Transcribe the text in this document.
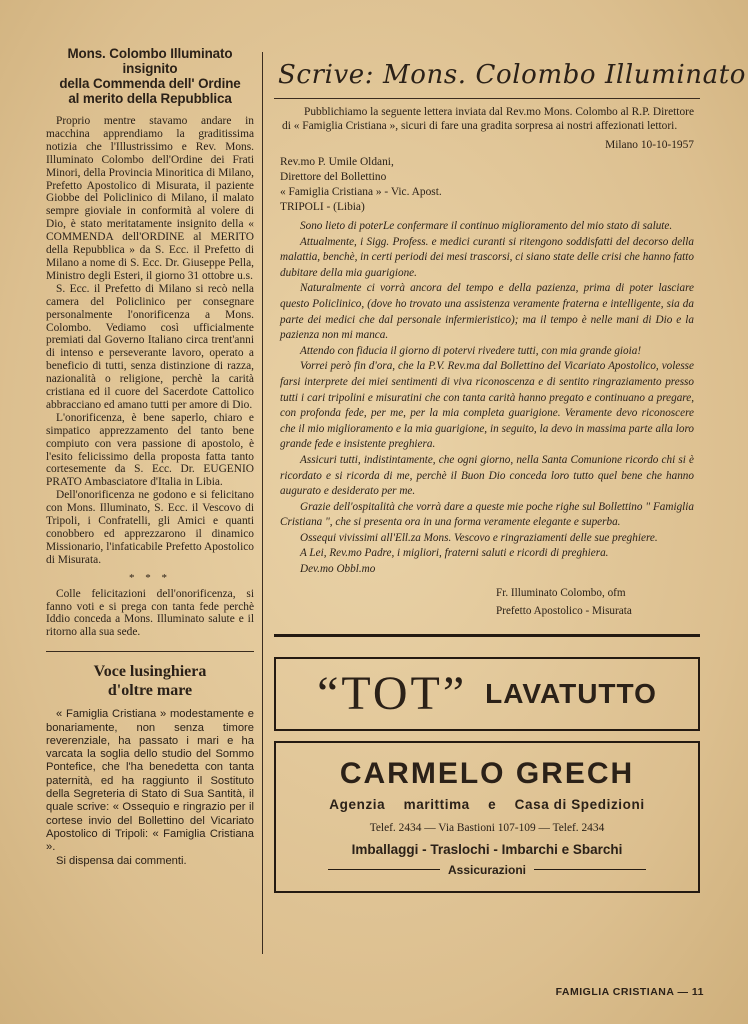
Mons. Colombo Illuminato
insignito
della Commenda dell' Ordine
al merito della Repubblica

Proprio mentre stavamo andare in macchina apprendiamo la graditissima notizia che l'Illustrissimo e Rev. Mons. Illuminato Colombo dell'Ordine dei Frati Minori, della Provincia Minoritica di Milano, Prefetto Apostolico di Misurata, il paziente Giobbe del Policlinico di Milano, il malato sempre gioviale in conformità al volere di Dio, è stato meritatamente insignito della « COMMENDA dell'ORDINE al MERITO della Repubblica » da S. Ecc. il Prefetto di Milano a nome di S. Ecc. Dr. Giuseppe Pella, Ministro degli Esteri, il giorno 31 ottobre u.s.

S. Ecc. il Prefetto di Milano si recò nella camera del Policlinico per consegnare personalmente l'onorificenza a Mons. Colombo. Vediamo così ufficialmente premiati dal Governo Italiano circa trent'anni di intenso e perseverante lavoro, operato a beneficio di tutti, senza distinzione di razza, nazionalità o religione, perchè la carità cristiana ed il cuore del Sacerdote Cattolico abbracciano ed amano tutti per amore di Dio.

L'onorificenza, è bene saperlo, chiaro e simpatico apprezzamento del tanto bene compiuto con vera passione di apostolo, è l'esito felicissimo della proposta fatta tanto cortesemente da S. Ecc. Dr. EUGENIO PRATO Ambasciatore d'Italia in Libia.

Dell'onorificenza ne godono e si felicitano con Mons. Illuminato, S. Ecc. il Vescovo di Tripoli, i Confratelli, gli Amici e quanti conobbero ed apprezzarono il dinamico Missionario, l'infaticabile Prefetto Apostolico di Misurata.

* * *

Colle felicitazioni dell'onorificenza, si fanno voti e si prega con tanta fede perchè Iddio conceda a Mons. Illuminato salute e il ritorno alla sua sede.

Voce lusinghiera
d'oltre mare

« Famiglia Cristiana » modestamente e bonariamente, non senza timore reverenziale, ha passato i mari e ha varcata la soglia dello studio del Sommo Pontefice, che l'ha benedetta con tanta paternità, ed ha raggiunto il Sostituto della Segreteria di Stato di Sua Santità, il quale scrive: « Ossequio e ringrazio per il cortese invio del Bollettino del Vicariato Apostolico di Tripoli: « Famiglia Cristiana ».

Si dispensa dai commenti.

Scrive: Mons. Colombo Illuminato
Pubblichiamo la seguente lettera inviata dal Rev.mo Mons. Colombo al R.P. Direttore di « Famiglia Cristiana », sicuri di fare una gradita sorpresa ai nostri affezionati lettori.
Milano 10-10-1957
Rev.mo P. Umile Oldani,
Direttore del Bollettino
« Famiglia Cristiana » - Vic. Apost.
TRIPOLI - (Libia)

Sono lieto di poterLe confermare il continuo miglioramento del mio stato di salute.

Attualmente, i Sigg. Profess. e medici curanti si ritengono soddisfatti del decorso della malattia, benchè, in certi periodi dei mesi trascorsi, ci siano state delle crisi che hanno fatto dubitare della mia guarigione.

Naturalmente ci vorrà ancora del tempo e della pazienza, prima di poter lasciare questo Policlinico, (dove ho trovato una assistenza veramente fraterna e intelligente, sia da parte dei medici che dal personale infermieristico); ma il tempo è nelle mani di Dio e la pazienza non mi manca.

Attendo con fiducia il giorno di potervi rivedere tutti, con mia grande gioia!

Vorrei però fin d'ora, che la P.V. Rev.ma dal Bollettino del Vicariato Apostolico, volesse farsi interprete dei miei sentimenti di viva riconoscenza e di sentito ringraziamento presso tutti i cari tripolini e misuratini che con tanta carità hanno pregato e continuano a pregare, con profonda fede, per me, per la mia completa guarigione. Veramente devo riconoscere che il mio miglioramento e la mia guarigione, in seguito, la devo in massima parte alla loro grande fede e insistente preghiera.

Assicuri tutti, indistintamente, che ogni giorno, nella Santa Comunione ricordo chi si è ricordato e si ricorda di me, perchè il Buon Dio conceda loro tutto quel bene che hanno augurato e desiderato per me.

Grazie dell'ospitalità che vorrà dare a queste mie poche righe sul Bollettino " Famiglia Cristiana ", che si presenta ora in una forma veramente elegante e superba.

Ossequi vivissimi all'Ell.za Mons. Vescovo e ringraziamenti delle sue preghiere.

A Lei, Rev.mo Padre, i migliori, fraterni saluti e ricordi di preghiera.

Dev.mo Obbl.mo

Fr. Illuminato Colombo, ofm
Prefetto Apostolico - Misurata
“TOT” LAVATUTTO
CARMELO GRECH
Agenzia marittima e Casa di Spedizioni
Telef. 2434 — Via Bastioni 107-109 — Telef. 2434
Imballaggi - Traslochi - Imbarchi e Sbarchi
Assicurazioni
FAMIGLIA CRISTIANA — 11
